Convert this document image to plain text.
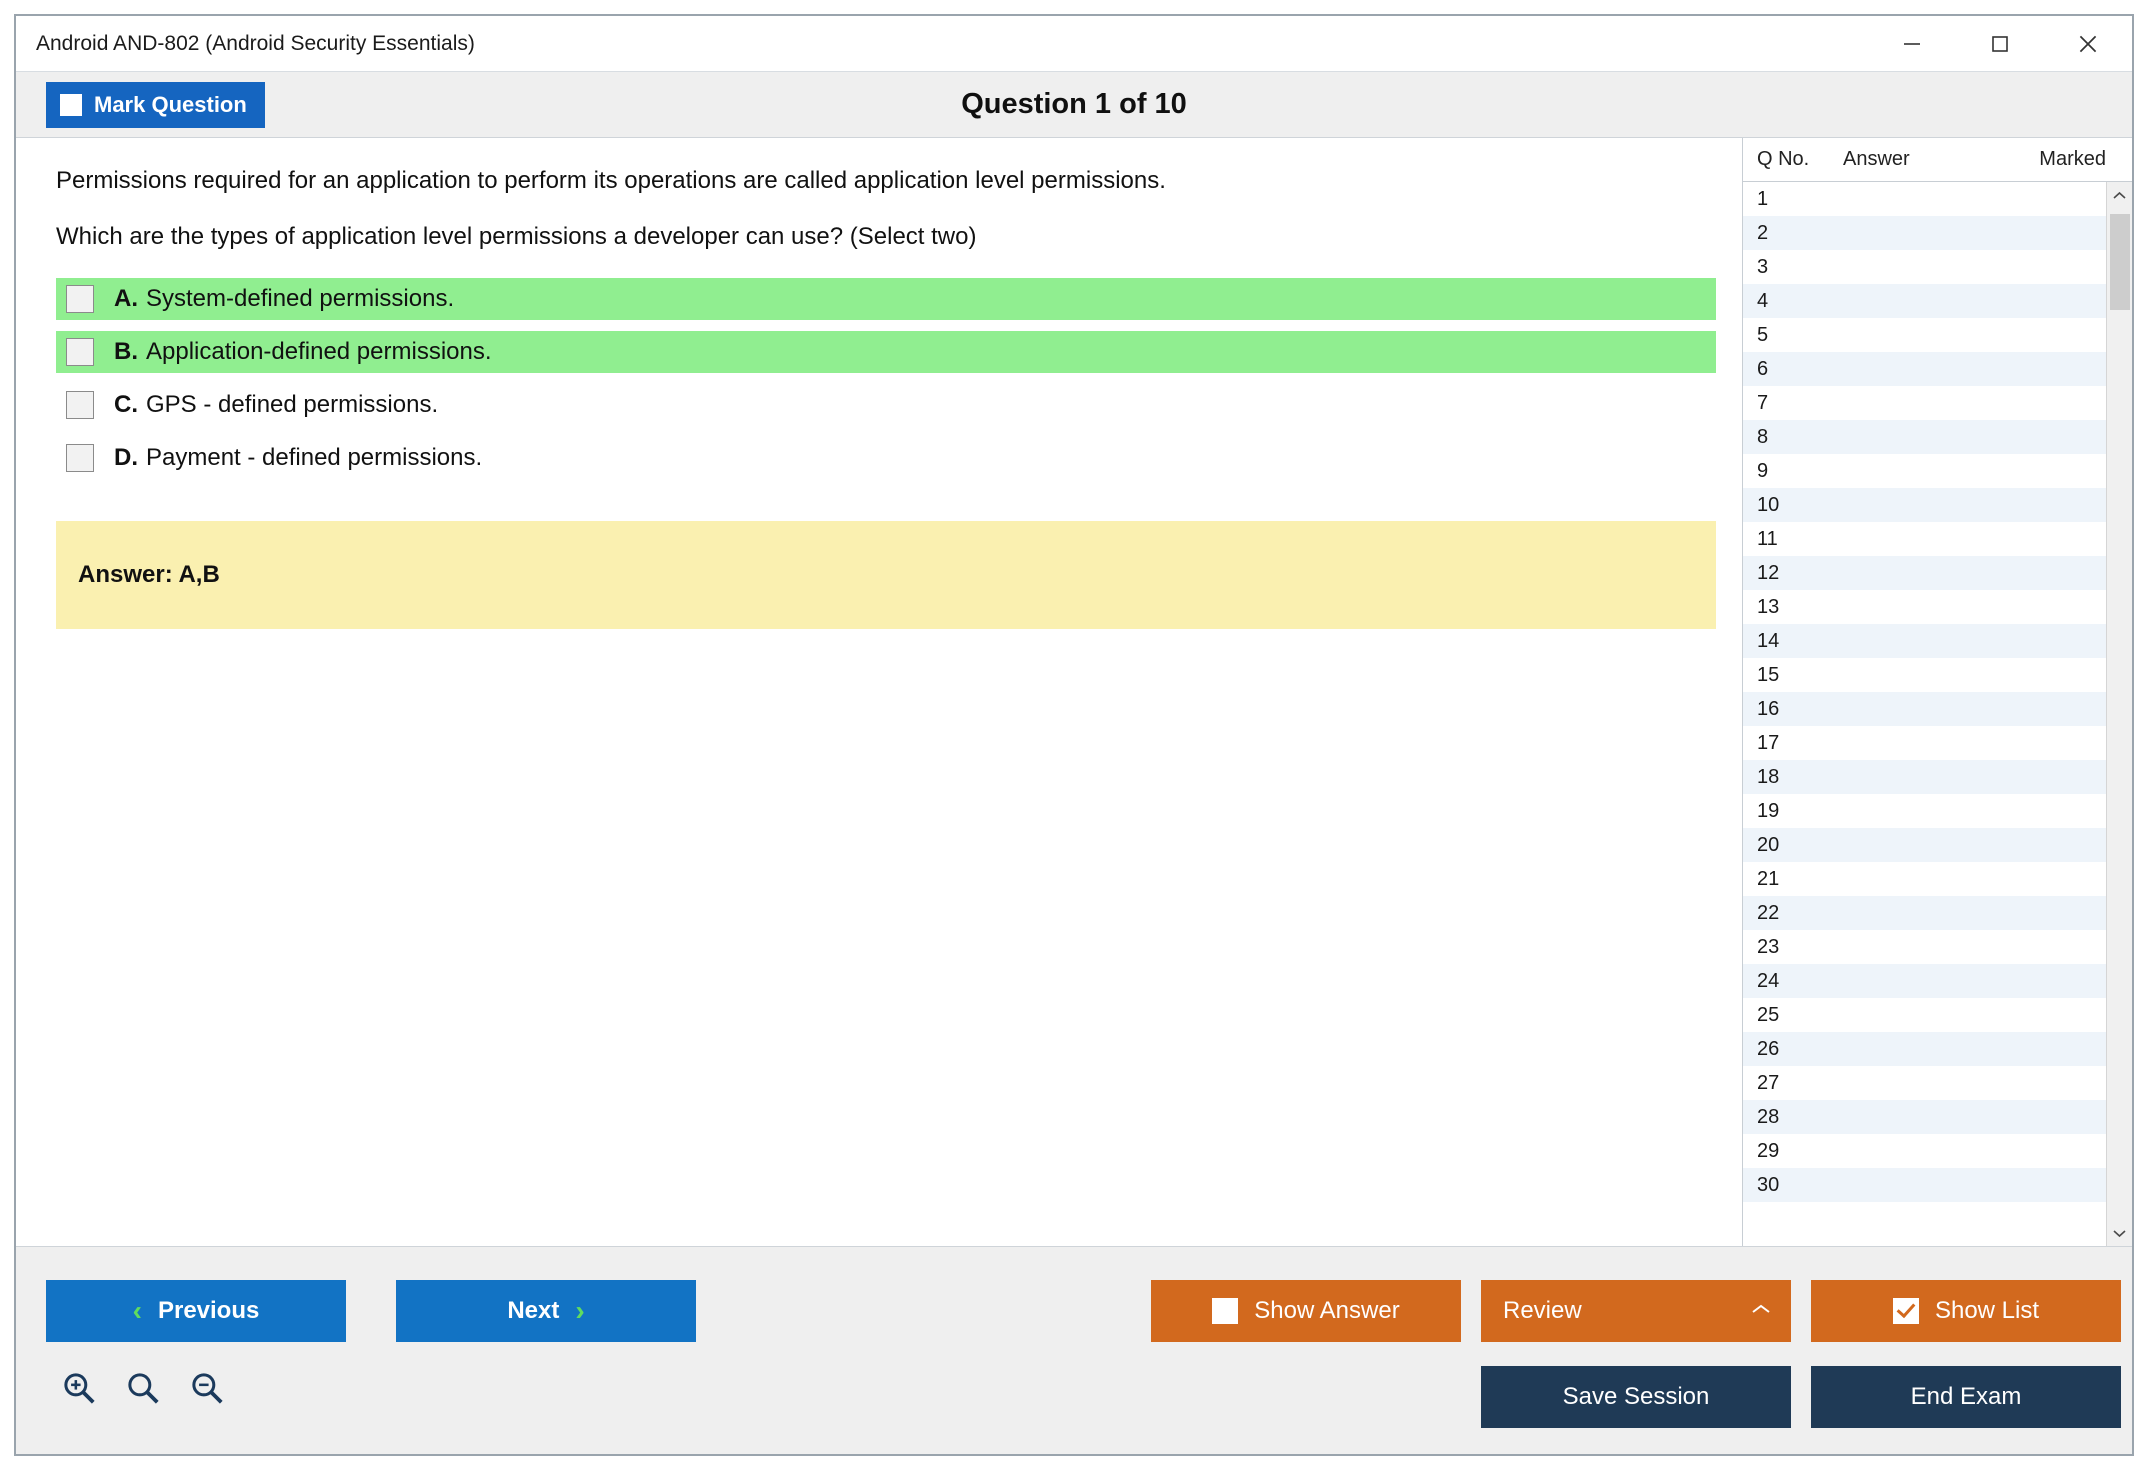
Android AND-802 (Android Security Essentials)
Mark Question	Question 1 of 10
Permissions required for an application to perform its operations are called application level permissions.
Which are the types of application level permissions a developer can use? (Select two)
A. System-defined permissions.
B. Application-defined permissions.
C. GPS - defined permissions.
D. Payment - defined permissions.
Answer: A,B
Q No.	Answer	Marked
1
2
3
4
5
6
7
8
9
10
11
12
13
14
15
16
17
18
19
20
21
22
23
24
25
26
27
28
29
30
‹ Previous	Next ›	Show Answer	Review	Show List
Save Session	End Exam
